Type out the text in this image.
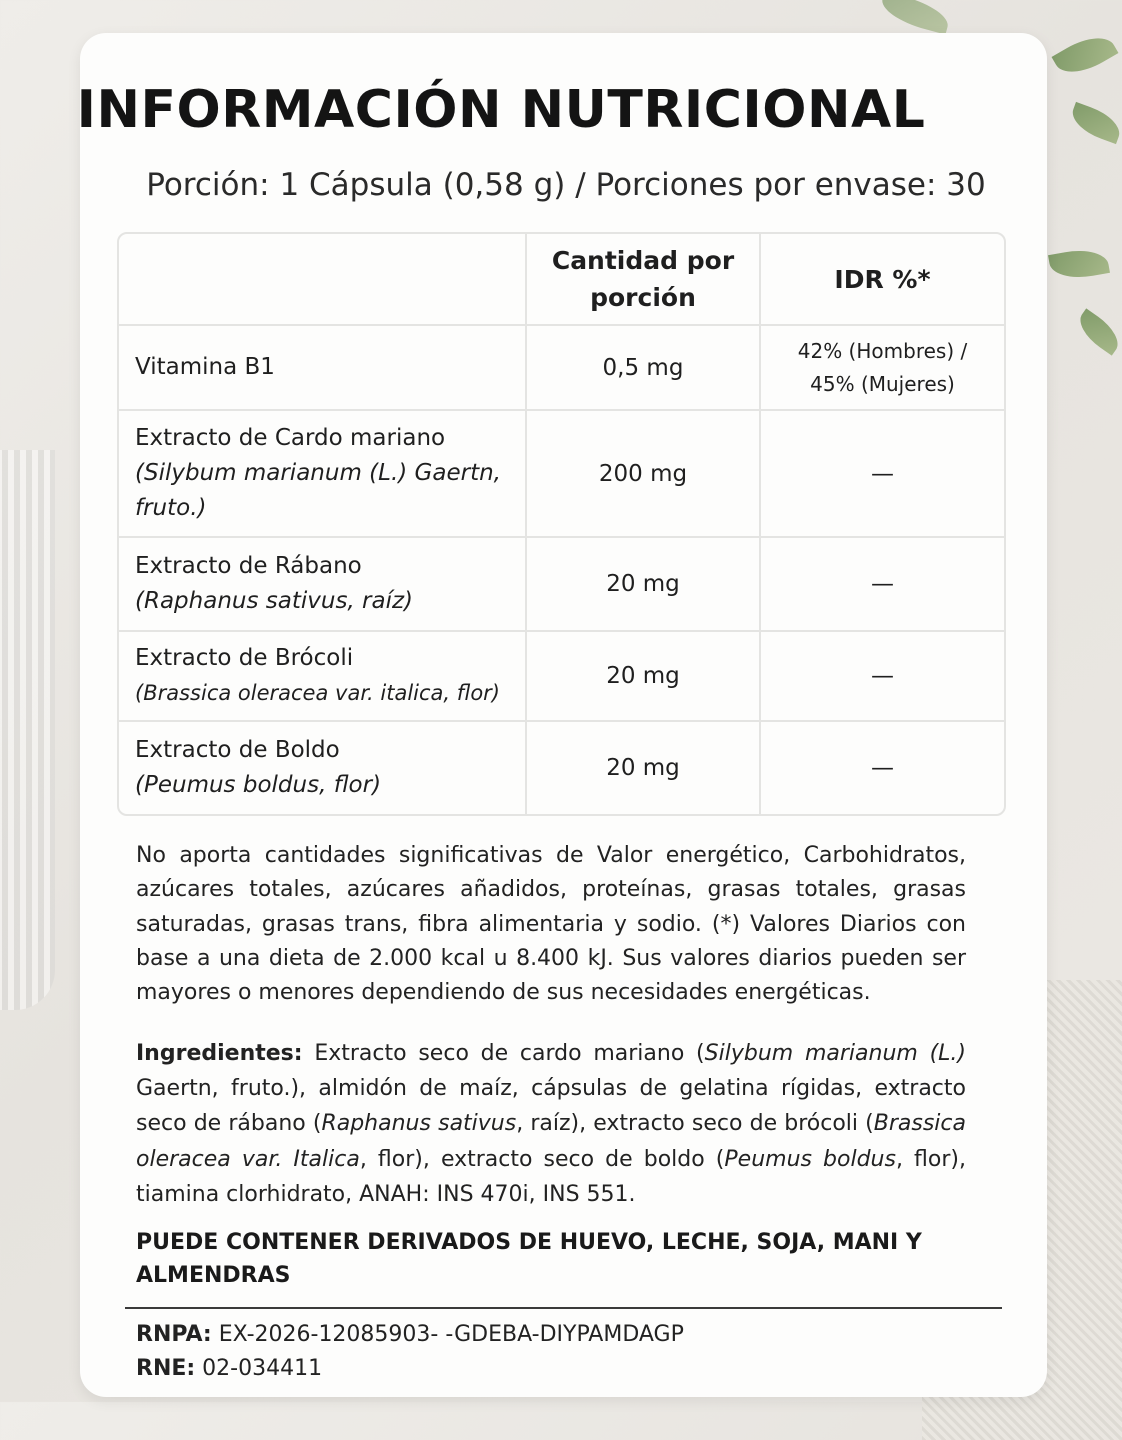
INFORMACIÓN NUTRICIONAL
Porción: 1 Cápsula (0,58 g) / Porciones por envase: 30
	Cantidad por porción	IDR %*

Vitamina B1	0,5 mg	42% (Hombres) / 45% (Mujeres)

Extracto de Cardo mariano
(Silybum marianum (L.) Gaertn, fruto.)	200 mg	—

Extracto de Rábano
(Raphanus sativus, raíz)	20 mg	—

Extracto de Brócoli
(Brassica oleracea var. italica, flor)	20 mg	—

Extracto de Boldo
(Peumus boldus, flor)	20 mg	—

No aporta cantidades significativas de Valor energético, Carbohidratos, azúcares totales, azúcares añadidos, proteínas, grasas totales, grasas saturadas, grasas trans, fibra alimentaria y sodio. (*) Valores Diarios con base a una dieta de 2.000 kcal u 8.400 kJ. Sus valores diarios pueden ser mayores o menores dependiendo de sus necesidades energéticas.

Ingredientes: Extracto seco de cardo mariano (Silybum marianum (L.) Gaertn, fruto.), almidón de maíz, cápsulas de gelatina rígidas, extracto seco de rábano (Raphanus sativus, raíz), extracto seco de brócoli (Brassica oleracea var. Italica, flor), extracto seco de boldo (Peumus boldus, flor), tiamina clorhidrato, ANAH: INS 470i, INS 551.

PUEDE CONTENER DERIVADOS DE HUEVO, LECHE, SOJA, MANI Y ALMENDRAS

RNPA: EX-2026-12085903- -GDEBA-DIYPAMDAGP
RNE: 02-034411
